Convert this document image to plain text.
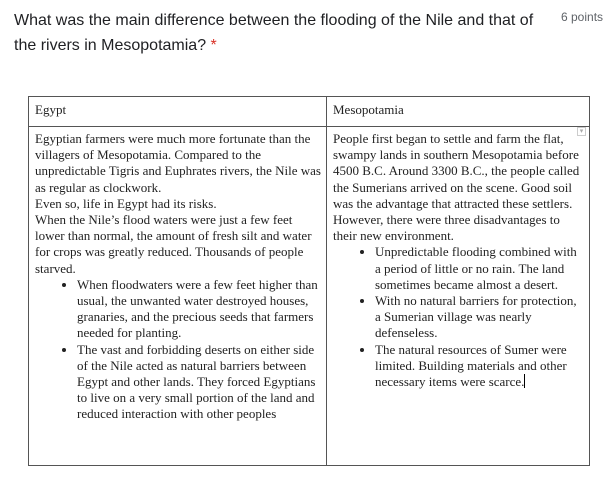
What was the main difference between the flooding of the Nile and that of the rivers in Mesopotamia? *
6 points
Egypt	Mesopotamia

Egyptian farmers were much more fortunate than the villagers of Mesopotamia. Compared to the unpredictable Tigris and Euphrates rivers, the Nile was as regular as clockwork.

Even so, life in Egypt had its risks.

When the Nile’s flood waters were just a few feet lower than normal, the amount of fresh silt and water for crops was greatly reduced. Thousands of people starved.

• When floodwaters were a few feet higher than usual, the unwanted water destroyed houses, granaries, and the precious seeds that farmers needed for planting.
• The vast and forbidding deserts on either side of the Nile acted as natural barriers between Egypt and other lands. They forced Egyptians to live on a very small portion of the land and reduced interaction with other peoples

People first began to settle and farm the flat, swampy lands in southern Mesopotamia before 4500 B.C. Around 3300 B.C., the people called the Sumerians arrived on the scene. Good soil was the advantage that attracted these settlers. However, there were three disadvantages to their new environment.

• Unpredictable flooding combined with a period of little or no rain. The land sometimes became almost a desert.
• With no natural barriers for protection, a Sumerian village was nearly defenseless.
• The natural resources of Sumer were limited. Building materials and other necessary items were scarce.
▾
